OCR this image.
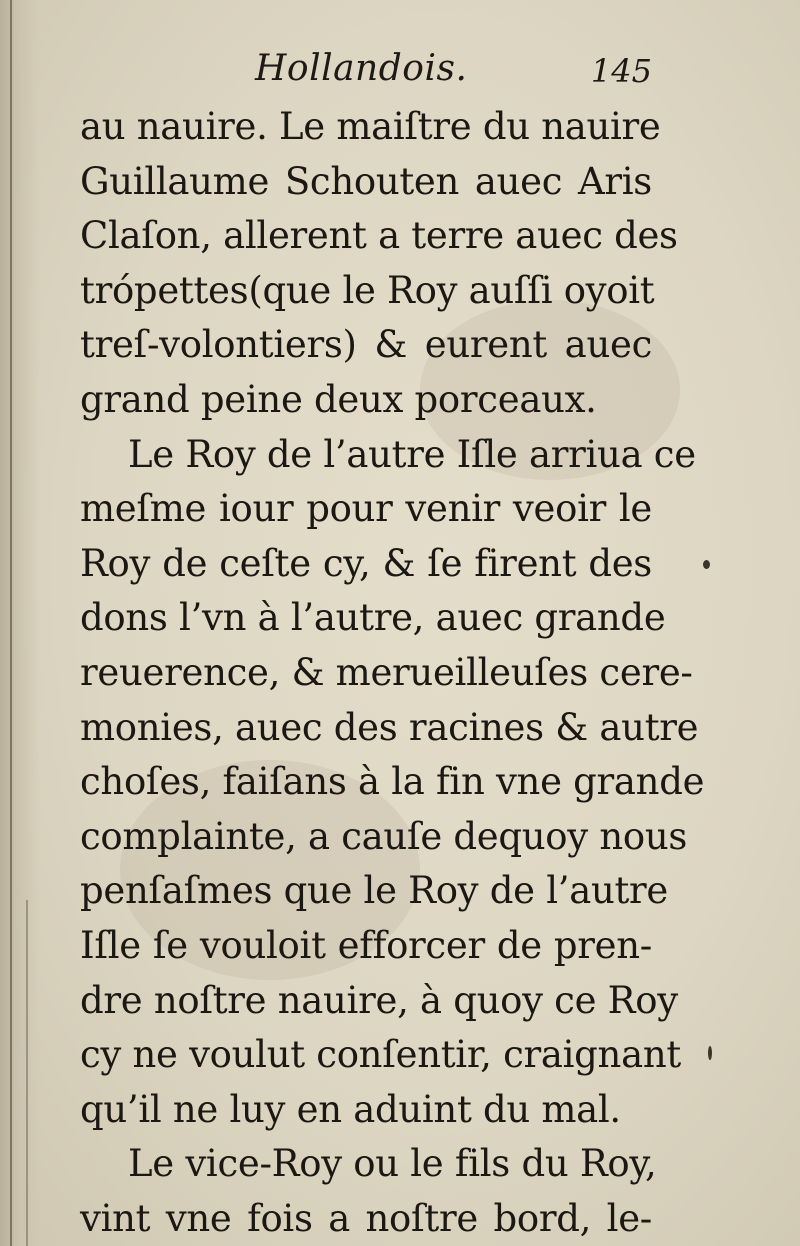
Hollandois.	145
au nauire. Le maiſtre du nauire
Guillaume Schouten auec Aris
Claſon, allerent a terre auec des
trópettes(que le Roy auſſi oyoit
treſ-volontiers) & eurent auec
grand peine deux porceaux.
Le Roy de l’autre Iſle arriua ce
meſme iour pour venir veoir le
Roy de ceſte cy, & ſe firent des
dons l’vn à l’autre, auec grande
reuerence, & merueilleuſes cere-
monies, auec des racines & autre
choſes, faiſans à la fin vne grande
complainte, a cauſe dequoy nous
penſaſmes que le Roy de l’autre
Iſle ſe vouloit efforcer de pren-
dre noſtre nauire, à quoy ce Roy
cy ne voulut conſentir, craignant
qu’il ne luy en aduint du mal.
Le vice-Roy ou le fils du Roy,
vint vne fois a noſtre bord, le-
